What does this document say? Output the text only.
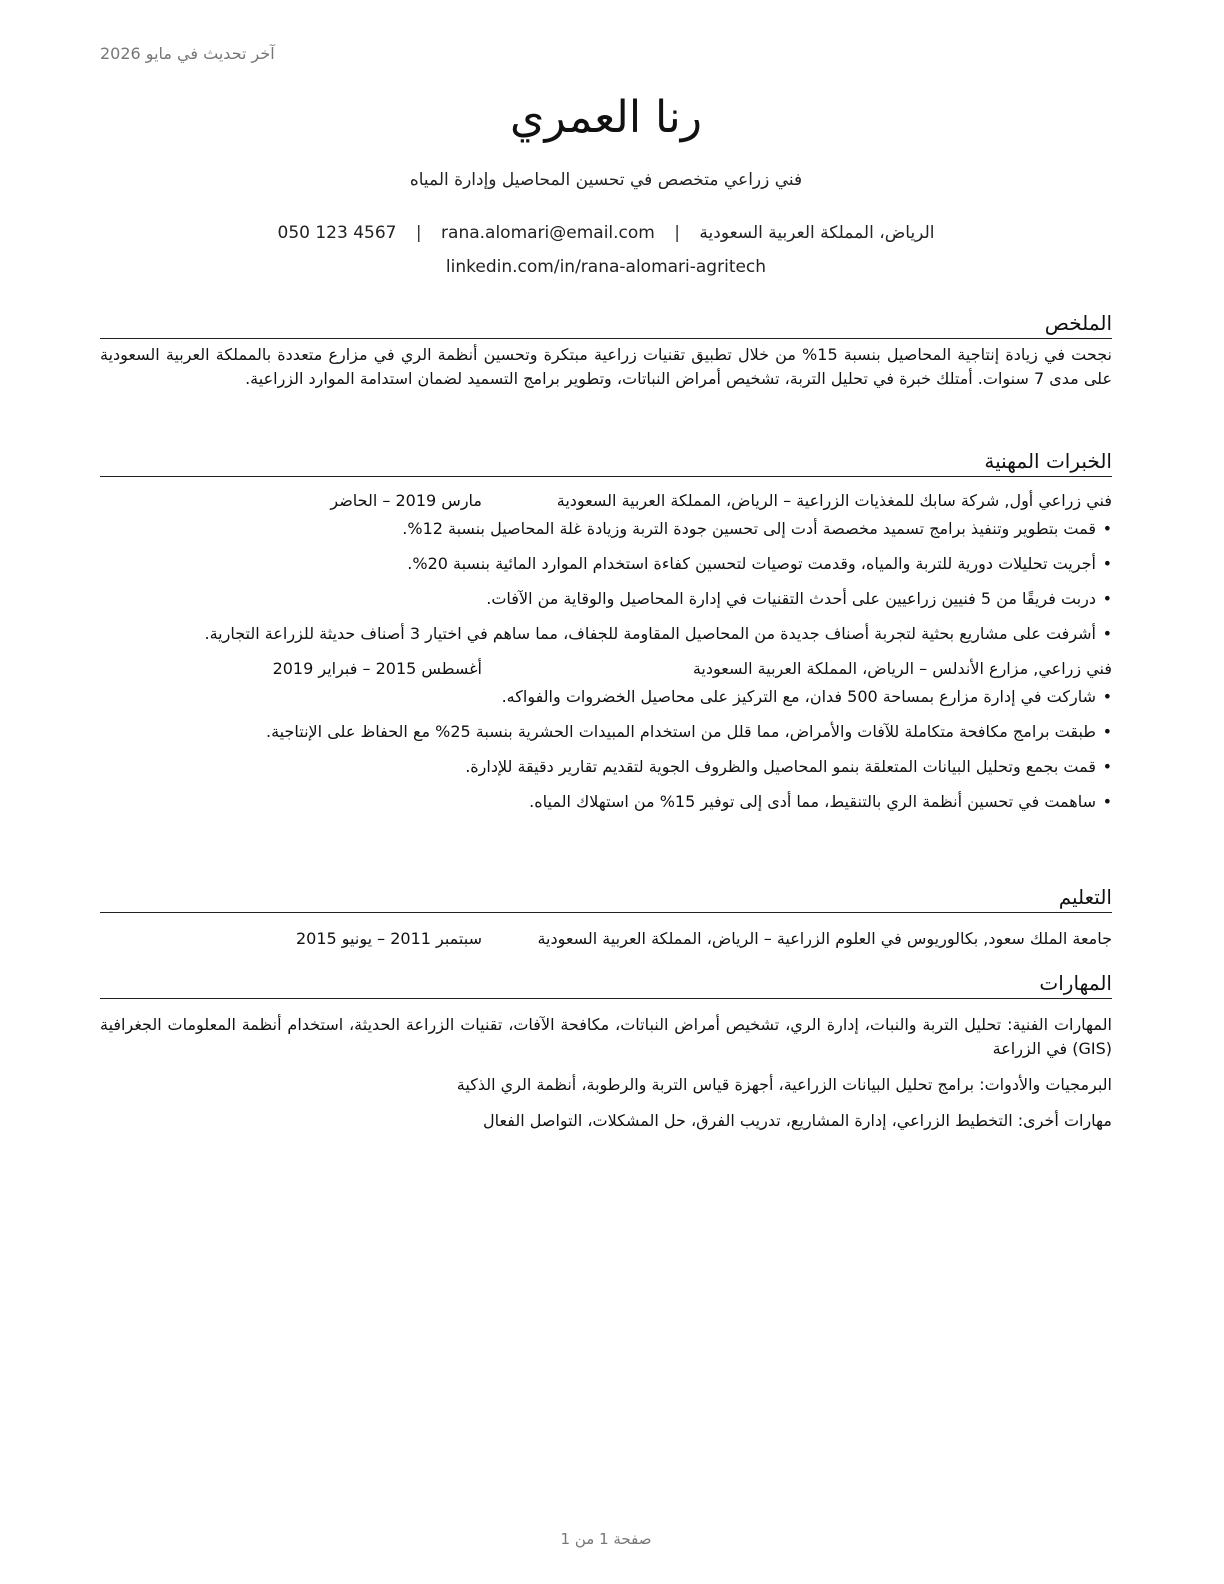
آخر تحديث في مايو 2026
رنا العمري
فني زراعي متخصص في تحسين المحاصيل وإدارة المياه
الرياض، المملكة العربية السعودية | rana.alomari@email.com | 050 123 4567
linkedin.com/in/rana-alomari-agritech
الملخص

نجحت في زيادة إنتاجية المحاصيل بنسبة 15% من خلال تطبيق تقنيات زراعية مبتكرة وتحسين أنظمة الري في مزارع متعددة بالمملكة العربية السعودية على مدى 7 سنوات. أمتلك خبرة في تحليل التربة، تشخيص أمراض النباتات، وتطوير برامج التسميد لضمان استدامة الموارد الزراعية.

الخبرات المهنية
فني زراعي أول, شركة سابك للمغذيات الزراعية – الرياض، المملكة العربية السعودية
مارس 2019 – الحاضر
• قمت بتطوير وتنفيذ برامج تسميد مخصصة أدت إلى تحسين جودة التربة وزيادة غلة المحاصيل بنسبة 12%.
• أجريت تحليلات دورية للتربة والمياه، وقدمت توصيات لتحسين كفاءة استخدام الموارد المائية بنسبة 20%.
• دربت فريقًا من 5 فنيين زراعيين على أحدث التقنيات في إدارة المحاصيل والوقاية من الآفات.
• أشرفت على مشاريع بحثية لتجربة أصناف جديدة من المحاصيل المقاومة للجفاف، مما ساهم في اختيار 3 أصناف حديثة للزراعة التجارية.
فني زراعي, مزارع الأندلس – الرياض، المملكة العربية السعودية
أغسطس 2015 – فبراير 2019
• شاركت في إدارة مزارع بمساحة 500 فدان، مع التركيز على محاصيل الخضروات والفواكه.
• طبقت برامج مكافحة متكاملة للآفات والأمراض، مما قلل من استخدام المبيدات الحشرية بنسبة 25% مع الحفاظ على الإنتاجية.
• قمت بجمع وتحليل البيانات المتعلقة بنمو المحاصيل والظروف الجوية لتقديم تقارير دقيقة للإدارة.
• ساهمت في تحسين أنظمة الري بالتنقيط، مما أدى إلى توفير 15% من استهلاك المياه.
التعليم
جامعة الملك سعود, بكالوريوس في العلوم الزراعية – الرياض، المملكة العربية السعودية
سبتمبر 2011 – يونيو 2015
المهارات

المهارات الفنية: تحليل التربة والنبات، إدارة الري، تشخيص أمراض النباتات، مكافحة الآفات، تقنيات الزراعة الحديثة، استخدام أنظمة المعلومات الجغرافية (GIS) في الزراعة

البرمجيات والأدوات: برامج تحليل البيانات الزراعية، أجهزة قياس التربة والرطوبة، أنظمة الري الذكية

مهارات أخرى: التخطيط الزراعي، إدارة المشاريع، تدريب الفرق، حل المشكلات، التواصل الفعال

صفحة 1 من 1
